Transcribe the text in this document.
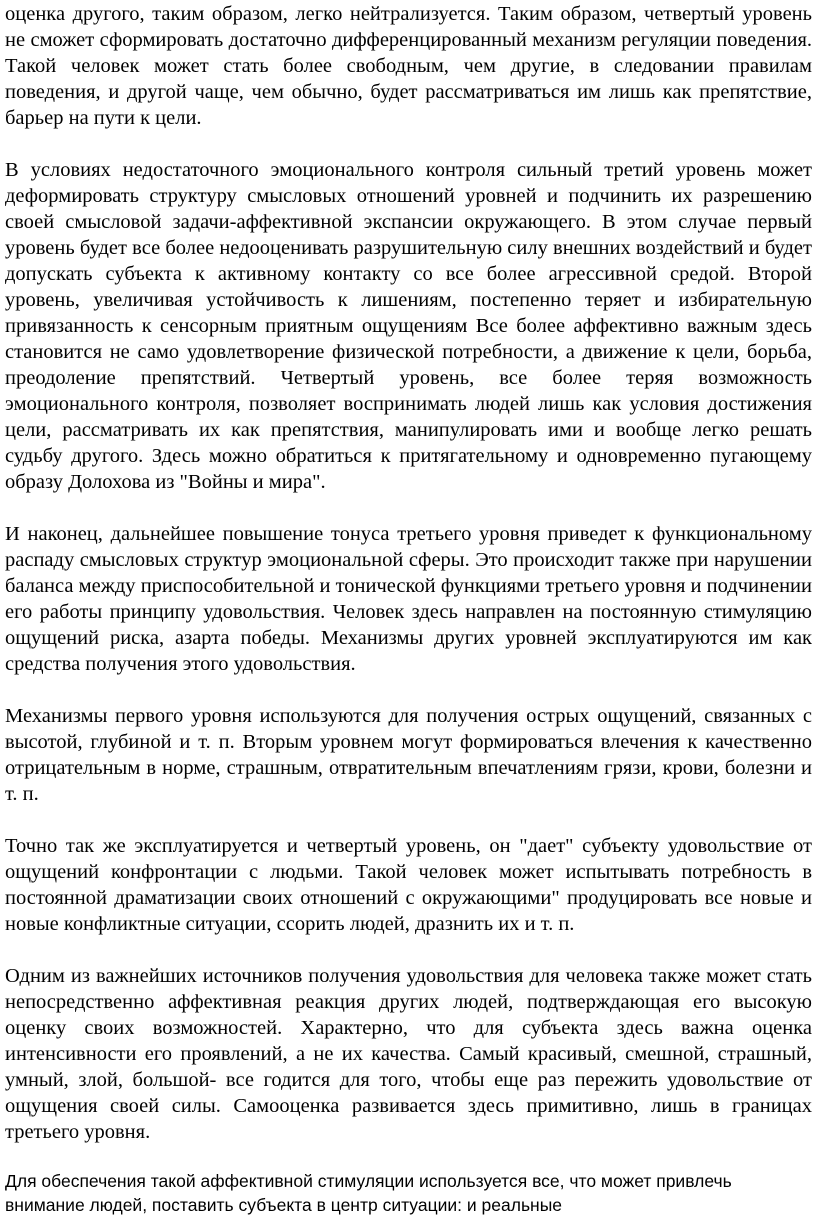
оценка другого, таким образом, легко нейтрализуется. Таким образом, четвертый уровень не сможет сформировать достаточно дифференцированный механизм регуляции поведения. Такой человек может стать более свободным, чем другие, в следовании правилам поведения, и другой чаще, чем обычно, будет рассматриваться им лишь как препятствие, барьер на пути к цели.

В условиях недостаточного эмоционального контроля сильный третий уровень может деформировать структуру смысловых отношений уровней и подчинить их разрешению своей смысловой задачи-аффективной экспансии окружающего. В этом случае первый уровень будет все более недооценивать разрушительную силу внешних воздействий и будет допускать субъекта к активному контакту со все более агрессивной средой. Второй уровень, увеличивая устойчивость к лишениям, постепенно теряет и избирательную привязанность к сенсорным приятным ощущениям Все более аффективно важным здесь становится не само удовлетворение физической потребности, а движение к цели, борьба, преодоление препятствий. Четвертый уровень, все более теряя возможность эмоционального контроля, позволяет воспринимать людей лишь как условия достижения цели, рассматривать их как препятствия, манипулировать ими и вообще легко решать судьбу другого. Здесь можно обратиться к притягательному и одновременно пугающему образу Долохова из "Войны и мира".

И наконец, дальнейшее повышение тонуса третьего уровня приведет к функциональному распаду смысловых структур эмоциональной сферы. Это происходит также при нарушении баланса между приспособительной и тонической функциями третьего уровня и подчинении его работы принципу удовольствия. Человек здесь направлен на постоянную стимуляцию ощущений риска, азарта победы. Механизмы других уровней эксплуатируются им как средства получения этого удовольствия.

Механизмы первого уровня используются для получения острых ощущений, связанных с высотой, глубиной и т. п. Вторым уровнем могут формироваться влечения к качественно отрицательным в норме, страшным, отвратительным впечатлениям грязи, крови, болезни и т. п.

Точно так же эксплуатируется и четвертый уровень, он "дает" субъекту удовольствие от ощущений конфронтации с людьми. Такой человек может испытывать потребность в постоянной драматизации своих отношений с окружающими" продуцировать все новые и новые конфликтные ситуации, ссорить людей, дразнить их и т. п.

Одним из важнейших источников получения удовольствия для человека также может стать непосредственно аффективная реакция других людей, подтверждающая его высокую оценку своих возможностей. Характерно, что для субъекта здесь важна оценка интенсивности его проявлений, а не их качества. Самый красивый, смешной, страшный, умный, злой, большой- все годится для того, чтобы еще раз пережить удовольствие от ощущения своей силы. Самооценка развивается здесь примитивно, лишь в границах третьего уровня.

Для обеспечения такой аффективной стимуляции используется все, что может привлечь внимание людей, поставить субъекта в центр ситуации: и реальные
